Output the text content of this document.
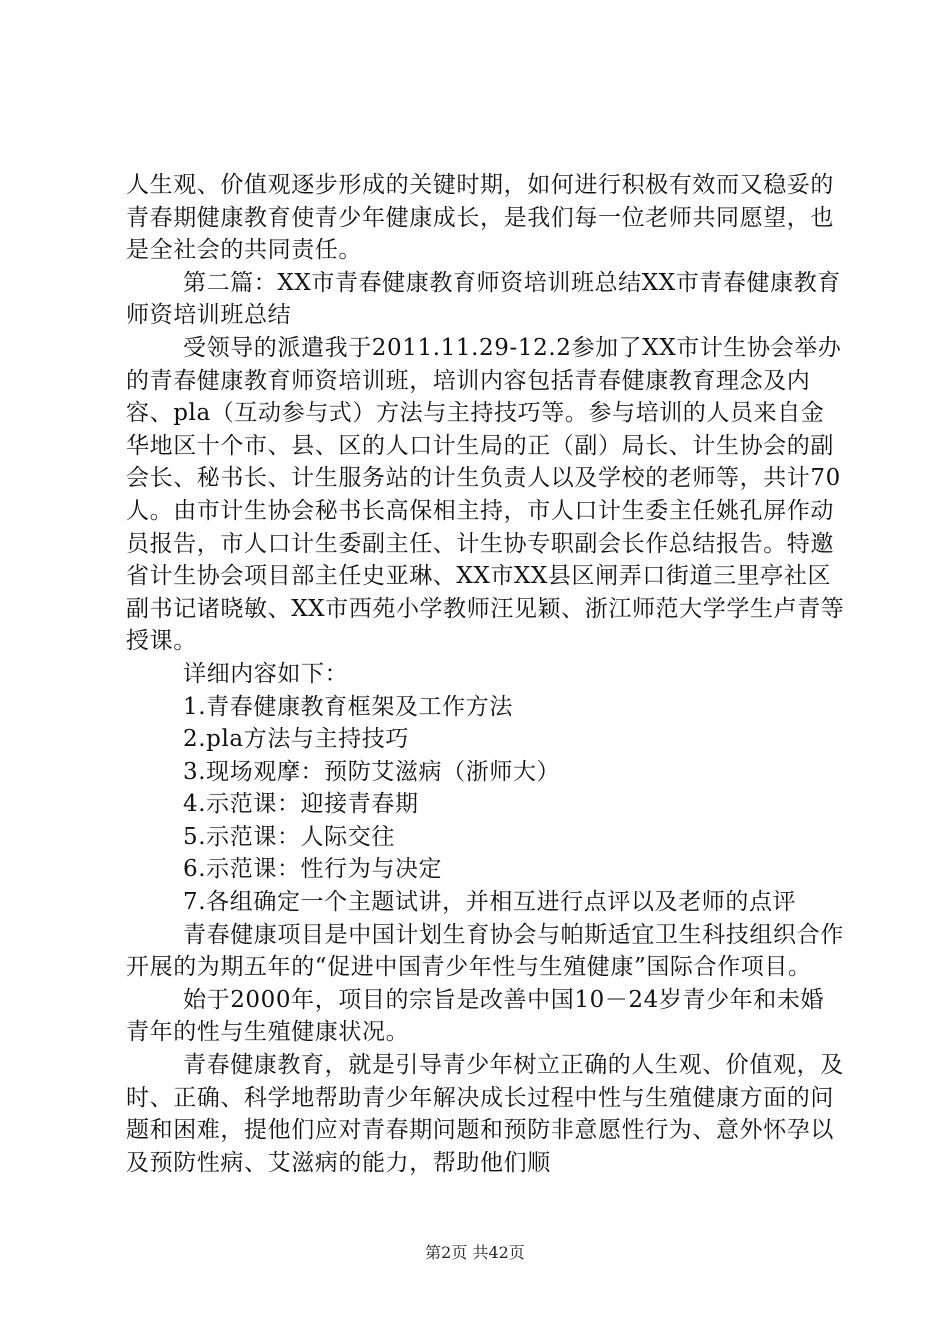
人生观、价值观逐步形成的关键时期，如何进行积极有效而又稳妥的青春期健康教育使青少年健康成长，是我们每一位老师共同愿望，也是全社会的共同责任。

第二篇：XX市青春健康教育师资培训班总结XX市青春健康教育师资培训班总结

受领导的派遣我于2011.11.29-12.2参加了XX市计生协会举办的青春健康教育师资培训班，培训内容包括青春健康教育理念及内容、pla（互动参与式）方法与主持技巧等。参与培训的人员来自金华地区十个市、县、区的人口计生局的正（副）局长、计生协会的副会长、秘书长、计生服务站的计生负责人以及学校的老师等，共计70人。由市计生协会秘书长高保相主持，市人口计生委主任姚孔屏作动员报告，市人口计生委副主任、计生协专职副会长作总结报告。特邀省计生协会项目部主任史亚琳、XX市XX县区闸弄口街道三里亭社区副书记诸晓敏、XX市西苑小学教师汪见颖、浙江师范大学学生卢青等授课。

详细内容如下：

1.青春健康教育框架及工作方法

2.pla方法与主持技巧

3.现场观摩：预防艾滋病（浙师大）

4.示范课：迎接青春期

5.示范课：人际交往

6.示范课：性行为与决定

7.各组确定一个主题试讲，并相互进行点评以及老师的点评

青春健康项目是中国计划生育协会与帕斯适宜卫生科技组织合作开展的为期五年的“促进中国青少年性与生殖健康”国际合作项目。

始于2000年，项目的宗旨是改善中国10－24岁青少年和未婚青年的性与生殖健康状况。

青春健康教育，就是引导青少年树立正确的人生观、价值观，及时、正确、科学地帮助青少年解决成长过程中性与生殖健康方面的问题和困难，提他们应对青春期问题和预防非意愿性行为、意外怀孕以及预防性病、艾滋病的能力，帮助他们顺

第2页 共42页
